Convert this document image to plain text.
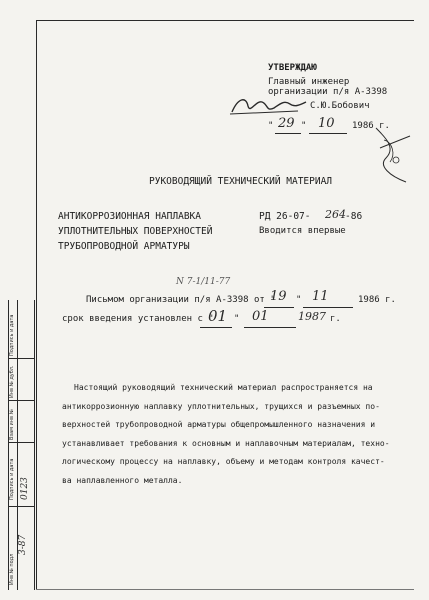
УТВЕРЖДАЮ
Главный инженер
организации п/я А-3398
С.Ю.Бобович
" 29 " 10 1986 г.
РУКОВОДЯЩИЙ ТЕХНИЧЕСКИЙ МАТЕРИАЛ
АНТИКОРРОЗИОННАЯ НАПЛАВКА
УПЛОТНИТЕЛЬНЫХ ПОВЕРХНОСТЕЙ
ТРУБОПРОВОДНОЙ АРМАТУРЫ
РД 26-07- 264 -86
Вводится впервые
N 7-1/11-77
Письмом организации п/я А-3398 от "
19 " 11	1986 г.
срок введения установлен с "
01 " 01	1987 г.
Настоящий руководящий технический материал распространяется на
антикоррозионную наплавку уплотнительных, трущихся и разъемных по-
верхностей трубопроводной арматуры общепромышленного назначения и
устанавливает требования к основным и наплавочным материалам, техно-
логическому процессу на наплавку, объему и методам контроля качест-
ва наплавленного металла.
Подпись и дата
Инв № дубл.
Взам инв №
Подпись и дата
Инв № подл
3-87
0123
